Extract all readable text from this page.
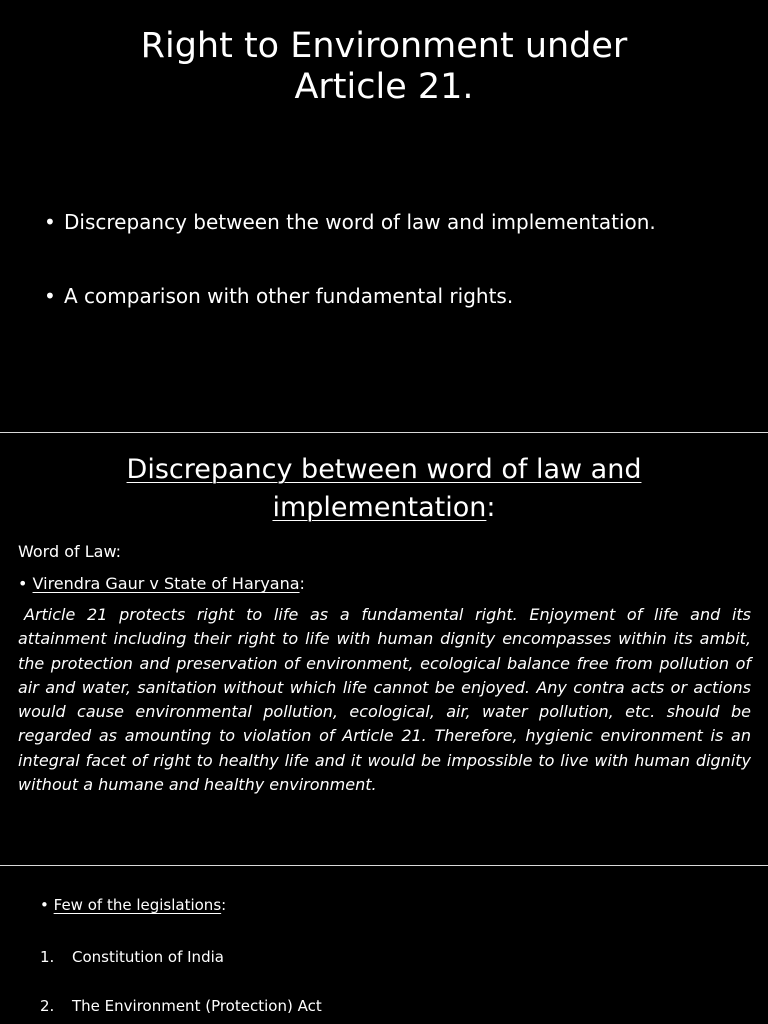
Right to Environment under
Article 21.
• Discrepancy between the word of law and implementation.
• A comparison with other fundamental rights.
Discrepancy between word of law and
implementation:
Word of Law:
• Virendra Gaur v State of Haryana:

Article 21 protects right to life as a fundamental right. Enjoyment of life and its attainment including their right to life with human dignity encompasses within its ambit, the protection and preservation of environment, ecological balance free from pollution of air and water, sanitation without which life cannot be enjoyed. Any contra acts or actions would cause environmental pollution, ecological, air, water pollution, etc. should be regarded as amounting to violation of Article 21. Therefore, hygienic environment is an integral facet of right to healthy life and it would be impossible to live with human dignity without a humane and healthy environment.

• Few of the legislations:
1. Constitution of India
2. The Environment (Protection) Act
